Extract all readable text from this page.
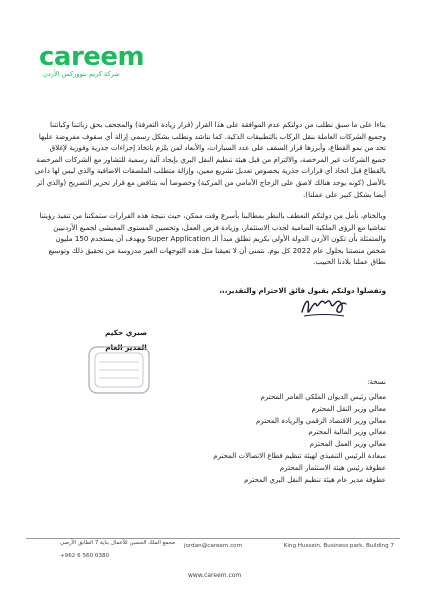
careem
شركة كريم نتووركس الأردن
بناءا على ما سبق نطلب من دولتكم عدم الموافقة على هذا القرار (قرار زيادة التعرفة) والمجحف بحق زبائننا وكباتننا وجميع الشركات العاملة بنقل الركاب بالتطبيقات الذكية. كما نناشد ونطلب بشكل رسمي إزالة أي سقوف مفروضة عليها تحد من نمو القطاع، وأبرزها قرار السقف على عدد السيارات، والأبعاد لمن يلزم باتخاذ إجراءات جذرية وفورية لإغلاق جميع الشركات غير المرخصة، والالتزام من قبل هيئة تنظيم النقل البري بإيجاد آلية رسمية للتشاور مع الشركات المرخصة بالقطاع قبل اتخاذ أي قرارات جذرية بخصوص تعديل تشريع معين، وإزالة متطلب الملصقات الاضافية والذي ليس لها داعي بالأصل (كونه يوجد هنالك لاصق على الزجاج الأمامي من المركبة) وخصوصا أنه يتناقض مع قرار تحرير التصريح (والذي أثر أيضا بشكل كبير على عملنا).
وبالختام، نأمل من دولتكم التعطف بالنظر بمطالبنا بأسرع وقت ممكن، حيث نتيجة هذه القرارات ستمكننا من تنفيذ رؤيتنا تماشيا مع الرؤى الملكية السامية لجذب الاستثمار، وزيادة فرص العمل، وتحسين المستوى المعيشي لجميع الأردنيين والمتمثلة بأن تكون الأردن الدولة الأولى بكريم تطلق مبدأ الـ Super Application ويهدف أن يستخدم 150 مليون شخص منصتنا بحلول عام 2022 كل يوم. نتمنى أن لا تعيقنا مثل هذه التوجهات الغير مدروسة من تحقيق ذلك وتوسيع نطاق عملنا بلادنا الحبيب.
وتفضلوا دولتكم بقبول فائق الاحترام والتقدير،،،
صبري حكيم
المدير العام
نسخة:
معالي رئيس الديوان الملكي العامر المحترم
معالي وزير النقل المحترم
معالي وزير الاقتصاد الرقمي والريادة المحترم
معالي وزير المالية المحترم
معالي وزير العمل المحترم
سعادة الرئيس التنفيذي لهيئة تنظيم قطاع الاتصالات المحترم
عطوفة رئيس هيئة الاستثمار المحترم
عطوفة مدير عام هيئة تنظيم النقل البري المحترم
مجمع الملك الحسين للأعمال بناية 7 الطابق الأرضي
+962 6 560 0380
jordan@careem.com	King Hussein, Business park, Building 7
www.careem.com
